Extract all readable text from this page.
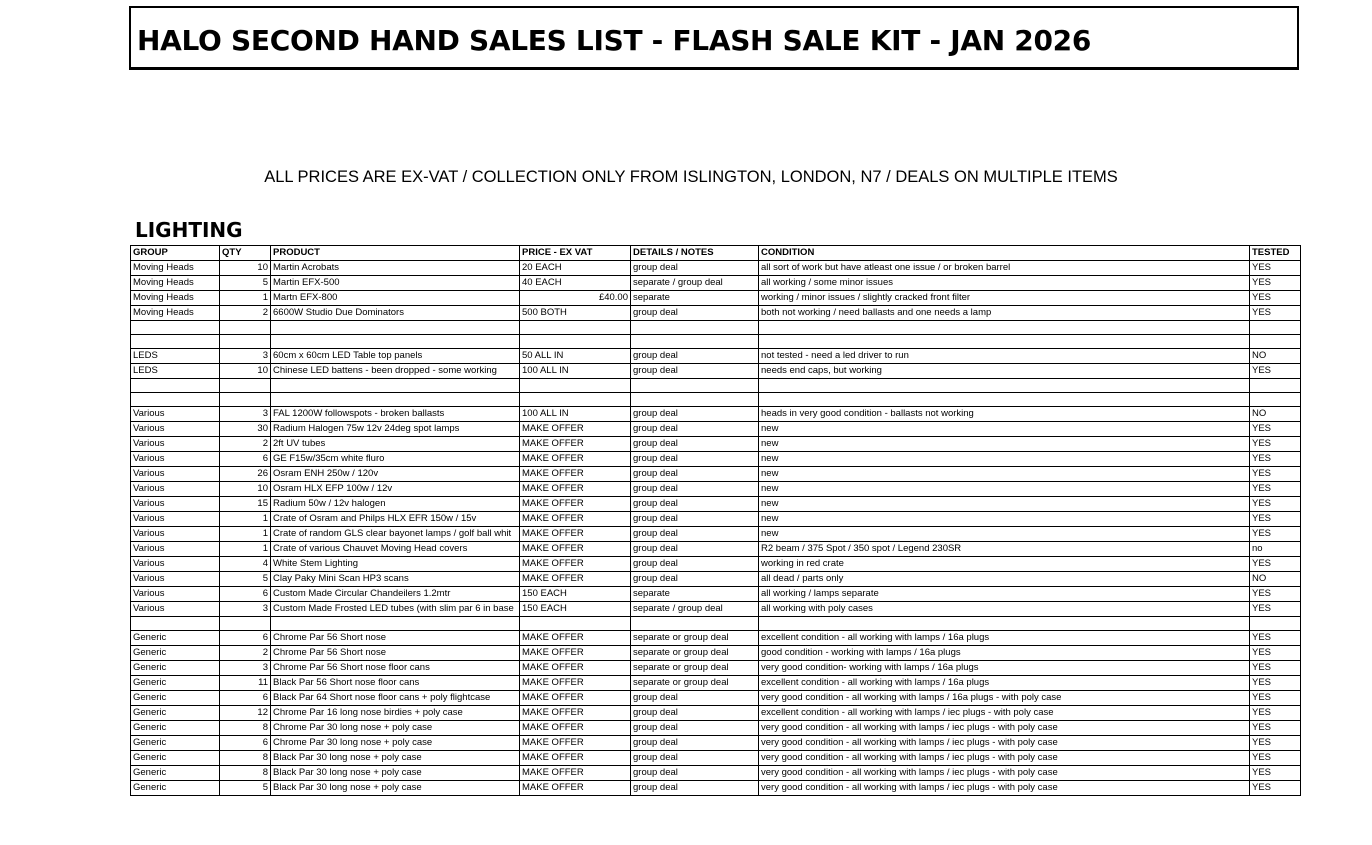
HALO SECOND HAND SALES LIST - FLASH SALE KIT - JAN 2026
ALL PRICES ARE EX-VAT / COLLECTION ONLY FROM ISLINGTON, LONDON, N7 / DEALS ON MULTIPLE ITEMS
LIGHTING
GROUP	QTY	PRODUCT	PRICE - EX VAT	DETAILS / NOTES	CONDITION	TESTED
Moving Heads	10	Martin Acrobats	20 EACH	group deal	all sort of work but have atleast one issue / or broken barrel	YES
Moving Heads	5	Martin EFX-500	40 EACH	separate / group deal	all working / some minor issues	YES
Moving Heads	1	Martn EFX-800	£40.00	separate	working / minor issues / slightly cracked front filter	YES
Moving Heads	2	6600W Studio Due Dominators	500 BOTH	group deal	both not working / need ballasts and one needs a lamp	YES

LEDS	3	60cm x 60cm LED Table top panels	50 ALL IN	group deal	not tested - need a led driver to run	NO
LEDS	10	Chinese LED battens - been dropped - some working	100 ALL IN	group deal	needs end caps, but working	YES

Various	3	FAL 1200W followspots - broken ballasts	100 ALL IN	group deal	heads in very good condition - ballasts not working	NO
Various	30	Radium Halogen 75w 12v 24deg spot lamps	MAKE OFFER	group deal	new	YES
Various	2	2ft UV tubes	MAKE OFFER	group deal	new	YES
Various	6	GE F15w/35cm white fluro	MAKE OFFER	group deal	new	YES
Various	26	Osram ENH 250w / 120v	MAKE OFFER	group deal	new	YES
Various	10	Osram HLX EFP 100w / 12v	MAKE OFFER	group deal	new	YES
Various	15	Radium 50w / 12v halogen	MAKE OFFER	group deal	new	YES
Various	1	Crate of Osram and Philps HLX EFR 150w / 15v	MAKE OFFER	group deal	new	YES
Various	1	Crate of random GLS clear bayonet lamps / golf ball whit	MAKE OFFER	group deal	new	YES
Various	1	Crate of various Chauvet Moving Head covers	MAKE OFFER	group deal	R2 beam / 375 Spot / 350 spot / Legend 230SR	no
Various	4	White Stem Lighting	MAKE OFFER	group deal	working in red crate	YES
Various	5	Clay Paky Mini Scan HP3 scans	MAKE OFFER	group deal	all dead / parts only	NO
Various	6	Custom Made Circular Chandeilers 1.2mtr	150 EACH	separate	all working / lamps separate	YES
Various	3	Custom Made Frosted LED tubes (with slim par 6 in base	150 EACH	separate / group deal	all working with poly cases	YES

Generic	6	Chrome Par 56 Short nose	MAKE OFFER	separate or group deal	excellent condition - all working with lamps / 16a plugs	YES
Generic	2	Chrome Par 56 Short nose	MAKE OFFER	separate or group deal	good condition - working with lamps / 16a plugs	YES
Generic	3	Chrome Par 56 Short nose floor cans	MAKE OFFER	separate or group deal	very good condition- working with lamps / 16a plugs	YES
Generic	11	Black Par 56 Short nose floor cans	MAKE OFFER	separate or group deal	excellent condition - all working with lamps / 16a plugs	YES
Generic	6	Black Par 64 Short nose floor cans + poly flightcase	MAKE OFFER	group deal	very good condition - all working with lamps / 16a plugs - with poly case	YES
Generic	12	Chrome Par 16 long nose birdies + poly case	MAKE OFFER	group deal	excellent condition - all working with lamps / iec plugs - with poly case	YES
Generic	8	Chrome Par 30 long nose + poly case	MAKE OFFER	group deal	very good condition - all working with lamps / iec plugs - with poly case	YES
Generic	6	Chrome Par 30 long nose + poly case	MAKE OFFER	group deal	very good condition - all working with lamps / iec plugs - with poly case	YES
Generic	8	Black Par 30 long nose + poly case	MAKE OFFER	group deal	very good condition - all working with lamps / iec plugs - with poly case	YES
Generic	8	Black Par 30 long nose + poly case	MAKE OFFER	group deal	very good condition - all working with lamps / iec plugs - with poly case	YES
Generic	5	Black Par 30 long nose + poly case	MAKE OFFER	group deal	very good condition - all working with lamps / iec plugs - with poly case	YES
